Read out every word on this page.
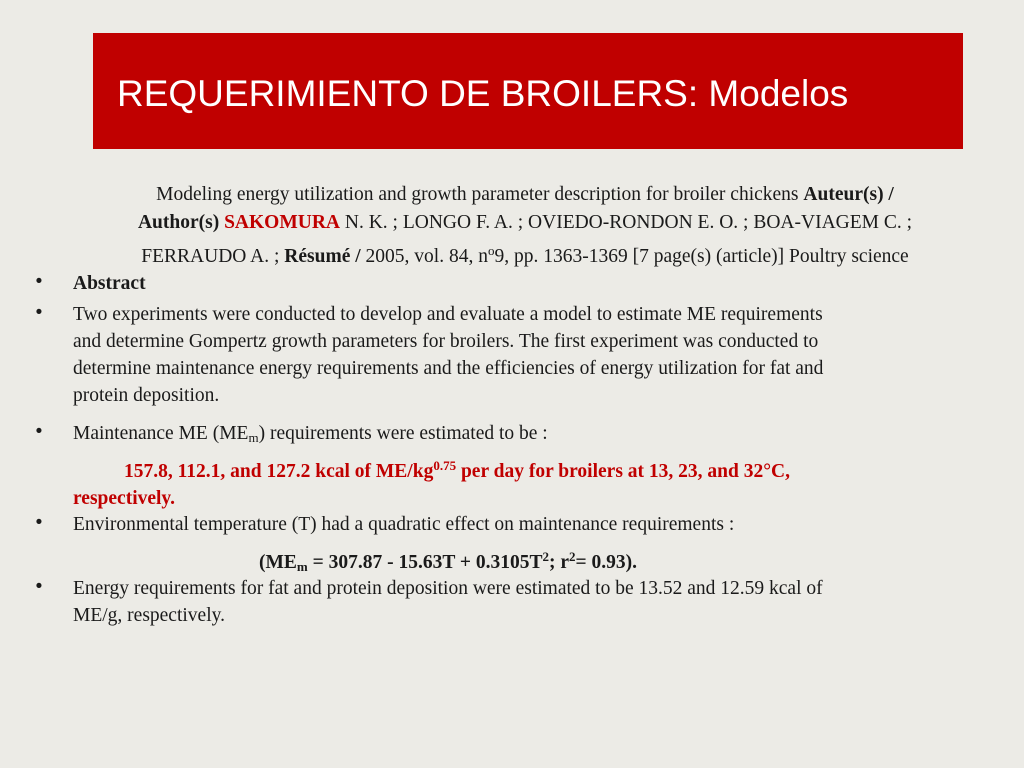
REQUERIMIENTO DE BROILERS: Modelos
Modeling energy utilization and growth parameter description for broiler chickens Auteur(s) /
Author(s) SAKOMURA N. K. ; LONGO F. A. ; OVIEDO-RONDON E. O. ; BOA-VIAGEM C. ;
FERRAUDO A. ; Résumé / 2005, vol. 84, $n^o9$, pp. 1363-1369 [7 page(s) (article)] Poultry science
• Abstract
• Two experiments were conducted to develop and evaluate a model to estimate ME requirements
and determine Gompertz growth parameters for broilers. The first experiment was conducted to
determine maintenance energy requirements and the efficiencies of energy utilization for fat and
protein deposition.
• Maintenance ME $(ME_m)$ requirements were estimated to be :
157.8, 112.1, and 127.2 kcal of $ME/kg^{0.75}$ per day for broilers at 13, 23, and 32°C,
respectively.
• Environmental temperature (T) had a quadratic effect on maintenance requirements :
($ME_m = 307.87 - 15.63T + 0.3105T^2$; $r^2= 0.93$).
• Energy requirements for fat and protein deposition were estimated to be 13.52 and 12.59 kcal of
ME/g, respectively.
